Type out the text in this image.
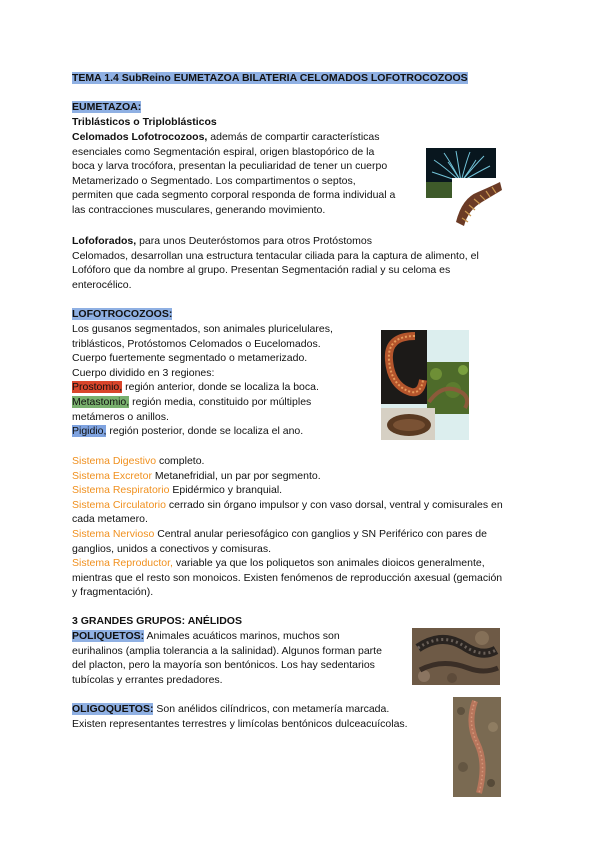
TEMA 1.4 SubReino EUMETAZOA BILATERIA CELOMADOS LOFOTROCOZOOS
EUMETAZOA:
Triblásticos o Triploblásticos
Celomados Lofotrocozoos, además de compartir características
esenciales como Segmentación espiral, origen blastopórico de la
boca y larva trocófora, presentan la peculiaridad de tener un cuerpo
Metamerizado o Segmentado. Los compartimentos o septos,
permiten que cada segmento corporal responda de forma individual a
las contracciones musculares, generando movimiento.
Lofoforados, para unos Deuteróstomos para otros Protóstomos
Celomados, desarrollan una estructura tentacular ciliada para la captura de alimento, el
Lofóforo que da nombre al grupo. Presentan Segmentación radial y su celoma es
enterocélico.
LOFOTROCOZOOS:
Los gusanos segmentados, son animales pluricelulares,
triblásticos, Protóstomos Celomados o Eucelomados.
Cuerpo fuertemente segmentado o metamerizado.
Cuerpo dividido en 3 regiones:
Prostomio, región anterior, donde se localiza la boca.
Metastomio, región media, constituido por múltiples
metámeros o anillos.
Pigidio, región posterior, donde se localiza el ano.
Sistema Digestivo completo.
Sistema Excretor Metanefridial, un par por segmento.
Sistema Respiratorio Epidérmico y branquial.
Sistema Circulatorio cerrado sin órgano impulsor y con vaso dorsal, ventral y comisurales en
cada metamero.
Sistema Nervioso Central anular periesofágico con ganglios y SN Periférico con pares de
ganglios, unidos a conectivos y comisuras.
Sistema Reproductor, variable ya que los poliquetos son animales dioicos generalmente,
mientras que el resto son monoicos. Existen fenómenos de reproducción axesual (gemación
y fragmentación).
3 GRANDES GRUPOS: ANÉLIDOS
POLIQUETOS: Animales acuáticos marinos, muchos son
eurihalinos (amplia tolerancia a la salinidad). Algunos forman parte
del placton, pero la mayoría son bentónicos. Los hay sedentarios
tubícolas y errantes predadores.
OLIGOQUETOS: Son anélidos cilíndricos, con metamería marcada.
Existen representantes terrestres y limícolas bentónicos dulceacuícolas.
